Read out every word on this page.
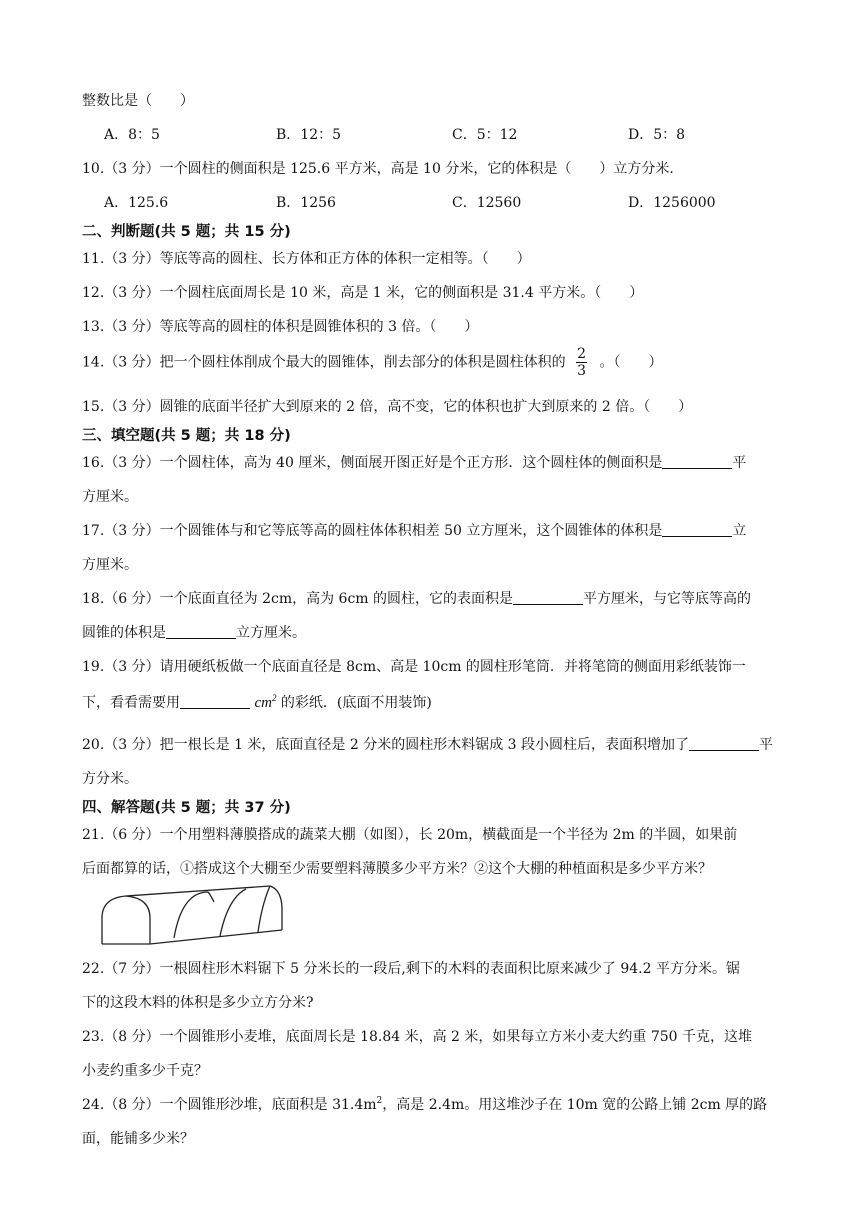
整数比是（　　）
A．8：5	B．12：5	C．5：12	D．5：8
10.（3 分）一个圆柱的侧面积是 125.6 平方米，高是 10 分米，它的体积是（　　）立方分米.
A．125.6	B．1256	C．12560	D．1256000
二、判断题(共 5 题；共 15 分)
11.（3 分）等底等高的圆柱、长方体和正方体的体积一定相等。（　　）
12.（3 分）一个圆柱底面周长是 10 米，高是 1 米，它的侧面积是 31.4 平方米。（　　）
13.（3 分）等底等高的圆柱的体积是圆锥体积的 3 倍。（　　）
14.（3 分）把一个圆柱体削成个最大的圆锥体，削去部分的体积是圆柱体积的 $\frac{2}{3}$ 。（　　）
15.（3 分）圆锥的底面半径扩大到原来的 2 倍，高不变，它的体积也扩大到原来的 2 倍。（　　）
三、填空题(共 5 题；共 18 分)
16.（3 分）一个圆柱体，高为 40 厘米，侧面展开图正好是个正方形．这个圆柱体的侧面积是	平
方厘米。
17.（3 分）一个圆锥体与和它等底等高的圆柱体体积相差 50 立方厘米，这个圆锥体的体积是	立
方厘米。
18.（6 分）一个底面直径为 2cm，高为 6cm 的圆柱，它的表面积是	平方厘米，与它等底等高的
圆锥的体积是	立方厘米。
19.（3 分）请用硬纸板做一个底面直径是 8cm、高是 10cm 的圆柱形笔筒．并将笔筒的侧面用彩纸装饰一
下，看看需要用	$cm^2$ 的彩纸．(底面不用装饰)
20.（3 分）把一根长是 1 米，底面直径是 2 分米的圆柱形木料锯成 3 段小圆柱后，表面积增加了	平
方分米。
四、解答题(共 5 题；共 37 分)
21.（6 分）一个用塑料薄膜搭成的蔬菜大棚（如图），长 20m，横截面是一个半径为 2m 的半圆，如果前
后面都算的话，①搭成这个大棚至少需要塑料薄膜多少平方米？②这个大棚的种植面积是多少平方米？
22.（7 分）一根圆柱形木料锯下 5 分米长的一段后,剩下的木料的表面积比原来减少了 94.2 平方分米。锯
下的这段木料的体积是多少立方分米?
23.（8 分）一个圆锥形小麦堆，底面周长是 18.84 米，高 2 米，如果每立方米小麦大约重 750 千克，这堆
小麦约重多少千克？
24.（8 分）一个圆锥形沙堆，底面积是 $31.4m^2$，高是 2.4m。用这堆沙子在 10m 宽的公路上铺 2cm 厚的路
面，能铺多少米？
